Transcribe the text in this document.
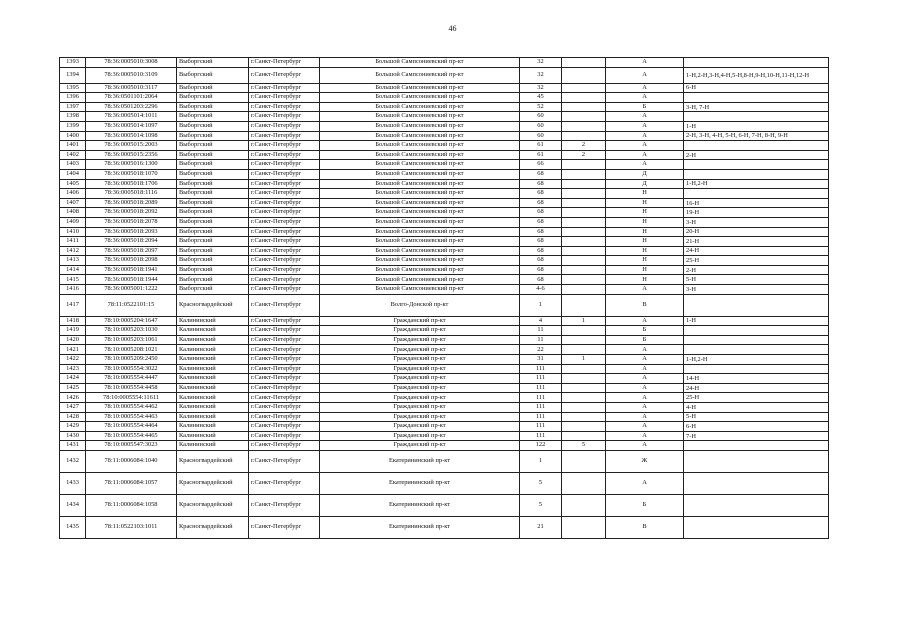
46
1393	78:36:0005010:3008	Выборгский	г.Санкт-Петербург	Большой Сампсониевский пр-кт	32		А	
1394	78:36:0005010:3109	Выборгский	г.Санкт-Петербург	Большой Сампсониевский пр-кт	32		А	1-Н,2-Н,3-Н,4-Н,5-Н,8-Н,9-Н,10-Н,11-Н,12-Н
1395	78:36:0005010:3117	Выборгский	г.Санкт-Петербург	Большой Сампсониевский пр-кт	32		А	6-Н
1396	78:36:0501101:2064	Выборгский	г.Санкт-Петербург	Большой Сампсониевский пр-кт	45		А	
1397	78:36:0501203:2296	Выборгский	г.Санкт-Петербург	Большой Сампсониевский пр-кт	52		Б	3-Н, 7-Н
1398	78:36:0005014:1011	Выборгский	г.Санкт-Петербург	Большой Сампсониевский пр-кт	60		А	
1399	78:36:0005014:1097	Выборгский	г.Санкт-Петербург	Большой Сампсониевский пр-кт	60		А	1-Н
1400	78:36:0005014:1098	Выборгский	г.Санкт-Петербург	Большой Сампсониевский пр-кт	60		А	2-Н, 3-Н, 4-Н, 5-Н, 6-Н, 7-Н, 8-Н, 9-Н
1401	78:36:0005015:2003	Выборгский	г.Санкт-Петербург	Большой Сампсониевский пр-кт	61	2	А	
1402	78:36:0005015:2356	Выборгский	г.Санкт-Петербург	Большой Сампсониевский пр-кт	61	2	А	2-Н
1403	78:36:0005016:1300	Выборгский	г.Санкт-Петербург	Большой Сампсониевский пр-кт	66		А	
1404	78:36:0005018:1070	Выборгский	г.Санкт-Петербург	Большой Сампсониевский пр-кт	68		Д	
1405	78:36:0005018:1706	Выборгский	г.Санкт-Петербург	Большой Сампсониевский пр-кт	68		Д	1-Н,2-Н
1406	78:36:0005018:1116	Выборгский	г.Санкт-Петербург	Большой Сампсониевский пр-кт	68		Н	
1407	78:36:0005018:2089	Выборгский	г.Санкт-Петербург	Большой Сампсониевский пр-кт	68		Н	16-Н
1408	78:36:0005018:2092	Выборгский	г.Санкт-Петербург	Большой Сампсониевский пр-кт	68		Н	19-Н
1409	78:36:0005018:2078	Выборгский	г.Санкт-Петербург	Большой Сампсониевский пр-кт	68		Н	3-Н
1410	78:36:0005018:2093	Выборгский	г.Санкт-Петербург	Большой Сампсониевский пр-кт	68		Н	20-Н
1411	78:36:0005018:2094	Выборгский	г.Санкт-Петербург	Большой Сампсониевский пр-кт	68		Н	21-Н
1412	78:36:0005018:2097	Выборгский	г.Санкт-Петербург	Большой Сампсониевский пр-кт	68		Н	24-Н
1413	78:36:0005018:2098	Выборгский	г.Санкт-Петербург	Большой Сампсониевский пр-кт	68		Н	25-Н
1414	78:36:0005018:1941	Выборгский	г.Санкт-Петербург	Большой Сампсониевский пр-кт	68		Н	2-Н
1415	78:36:0005018:1944	Выборгский	г.Санкт-Петербург	Большой Сампсониевский пр-кт	68		Н	5-Н
1416	78:36:0005001:1222	Выборгский	г.Санкт-Петербург	Большой Сампсониевский пр-кт	4-6		А	3-Н
1417	78:11:0522101:15	Красногвардейский	г.Санкт-Петербург	Волго-Донской пр-кт	1		В	
1418	78:10:0005204:1647	Калининский	г.Санкт-Петербург	Гражданский пр-кт	4	1	А	1-Н
1419	78:10:0005203:1030	Калининский	г.Санкт-Петербург	Гражданский пр-кт	11		Б	
1420	78:10:0005203:1061	Калининский	г.Санкт-Петербург	Гражданский пр-кт	11		Б	
1421	78:10:0005208:1021	Калининский	г.Санкт-Петербург	Гражданский пр-кт	22		А	
1422	78:10:0005209:2450	Калининский	г.Санкт-Петербург	Гражданский пр-кт	31	1	А	1-Н,2-Н
1423	78:10:0005554:3022	Калининский	г.Санкт-Петербург	Гражданский пр-кт	111		А	
1424	78:10:0005554:4447	Калининский	г.Санкт-Петербург	Гражданский пр-кт	111		А	14-Н
1425	78:10:0005554:4458	Калининский	г.Санкт-Петербург	Гражданский пр-кт	111		А	24-Н
1426	78:10:0005554:11611	Калининский	г.Санкт-Петербург	Гражданский пр-кт	111		А	25-Н
1427	78:10:0005554:4462	Калининский	г.Санкт-Петербург	Гражданский пр-кт	111		А	4-Н
1428	78:10:0005554:4463	Калининский	г.Санкт-Петербург	Гражданский пр-кт	111		А	5-Н
1429	78:10:0005554:4464	Калининский	г.Санкт-Петербург	Гражданский пр-кт	111		А	6-Н
1430	78:10:0005554:4465	Калининский	г.Санкт-Петербург	Гражданский пр-кт	111		А	7-Н
1431	78:10:0005547:3023	Калининский	г.Санкт-Петербург	Гражданский пр-кт	122	5	А	
1432	78:11:0006084:1040	Красногвардейский	г.Санкт-Петербург	Екатерининский пр-кт	1		Ж	
1433	78:11:0006084:1057	Красногвардейский	г.Санкт-Петербург	Екатерининский пр-кт	5		А	
1434	78:11:0006084:1058	Красногвардейский	г.Санкт-Петербург	Екатерининский пр-кт	5		Б	
1435	78:11:0522103:1011	Красногвардейский	г.Санкт-Петербург	Екатерининский пр-кт	21		В	
